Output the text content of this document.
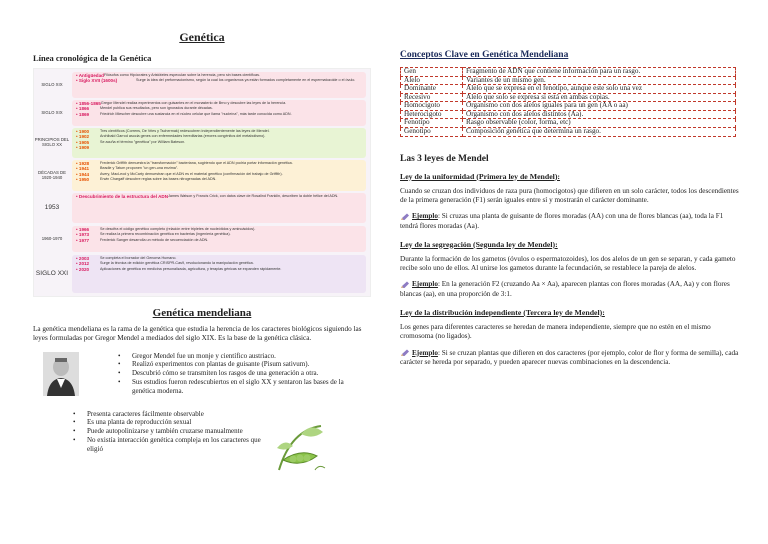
Genética
Línea cronológica de la Genética
SIGLO XIX
• Antigüedad Filósofos como Hipócrates y Aristóteles especulan sobre la herencia, pero sin bases científicas.
• Siglo XVII (1600s)	Surge la idea del preformacionismo, según la cual los organismos ya están formados completamente en el espermatozoide o el óvulo.
SIGLO XIX
• 1856-1865 Gregor Mendel realiza experimentos con guisantes en el monasterio de Brno y descubre las leyes de la herencia.
• 1866	Mendel publica sus resultados, pero son ignorados durante décadas.
• 1869	Friedrich Miescher descubre una sustancia en el núcleo celular que llama "nucleína", más tarde conocida como ADN.
PRINCIPIOS DEL SIGLO XX
• 1900	Tres científicos (Correns, De Vries y Tschermak) redescubren independientemente las leyes de Mendel.
• 1902	Archibald Garrod asocia genes con enfermedades hereditarias (errores congénitos del metabolismo).
• 1905	Se acuña el término "genética" por William Bateson.
• 1909
DÉCADAS DE 1920-1940
• 1928	Frederick Griffith demuestra la "transformación" bacteriana, sugiriendo que el ADN podría portar información genética.
• 1941	Beadle y Tatum proponen "un gen-una enzima".
• 1944	Avery, MacLeod y McCarty demuestran que el ADN es el material genético (confirmación del trabajo de Griffith).
• 1950	Erwin Chargaff descubre reglas sobre las bases nitrogenadas del ADN.
1953
• Descubrimiento de la estructura del ADN James Watson y Francis Crick, con datos clave de Rosalind Franklin, describen la doble hélice del ADN.
1960-1970
• 1966	Se descifra el código genético completo (relación entre tripletes de nucleótidos y aminoácidos).
• 1973	Se realiza la primera recombinación genética en bacterias (ingeniería genética).
• 1977	Frederick Sanger desarrolla un método de secuenciación de ADN.
SIGLO XXI
• 2003	Se completa el borrador del Genoma Humano.
• 2012	Surge la técnica de edición genética CRISPR-Cas9, revolucionando la manipulación genética.
• 2020	Aplicaciones de genética en medicina personalizada, agricultura, y terapias génicas se expanden rápidamente.
Genética mendeliana

La genética mendeliana es la rama de la genética que estudia la herencia de los caracteres biológicos siguiendo las leyes formuladas por Gregor Mendel a mediados del siglo XIX. Es la base de la genética clásica.

•	Gregor Mendel fue un monje y científico austriaco.
•	Realizó experimentos con plantas de guisante (Pisum sativum).
•	Descubrió cómo se transmiten los rasgos de una generación a otra.
•	Sus estudios fueron redescubiertos en el siglo XX y sentaron las bases de la genética moderna.
•	Presenta caracteres fácilmente observable
•	Es una planta de reproducción sexual
•	Puede autopolinizarse y también cruzarse manualmente
•	No existía interacción genética compleja en los caracteres que eligió
Conceptos Clave en Genética Mendeliana
Gen	Fragmento de ADN que contiene información para un rasgo.
Alelo	Variantes de un mismo gen.
Dominante	Alelo que se expresa en el fenotipo, aunque este solo una vez
Recesivo	Alelo que solo se expresa si está en ambas copias.
Homocigoto	Organismo con dos alelos iguales para un gen (AA o aa)
Heterocigoto	Organismo con dos alelos distintos (Aa).
Fenotipo	Rasgo observable (color, forma, etc)
Genotipo	Composición genética que determina un rasgo.
Las 3 leyes de Mendel
Ley de la uniformidad (Primera ley de Mendel):

Cuando se cruzan dos individuos de raza pura (homocigotos) que difieren en un solo carácter, todos los descendientes de la primera generación (F1) serán iguales entre sí y mostrarán el carácter dominante.

Ejemplo: Si cruzas una planta de guisante de flores moradas (AA) con una de flores blancas (aa), toda la F1 tendrá flores moradas (Aa).

Ley de la segregación (Segunda ley de Mendel):

Durante la formación de los gametos (óvulos o espermatozoides), los dos alelos de un gen se separan, y cada gameto recibe solo uno de ellos. Al unirse los gametos durante la fecundación, se restablece la pareja de alelos.

Ejemplo: En la generación F2 (cruzando Aa × Aa), aparecen plantas con flores moradas (AA, Aa) y con flores blancas (aa), en una proporción de 3:1.

Ley de la distribución independiente (Tercera ley de Mendel):

Los genes para diferentes caracteres se heredan de manera independiente, siempre que no estén en el mismo cromosoma (no ligados).

Ejemplo: Si se cruzan plantas que difieren en dos caracteres (por ejemplo, color de flor y forma de semilla), cada carácter se hereda por separado, y pueden aparecer nuevas combinaciones en la descendencia.
